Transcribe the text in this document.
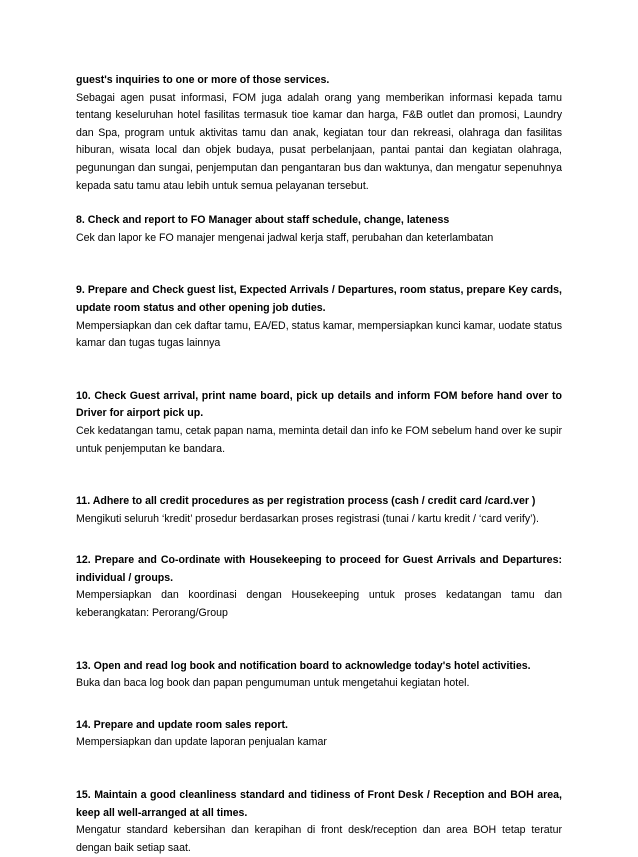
guest's inquiries to one or more of those services.
Sebagai agen pusat informasi, FOM juga adalah orang yang memberikan informasi kepada tamu tentang keseluruhan hotel fasilitas termasuk tioe kamar dan harga, F&B outlet dan promosi, Laundry dan Spa, program untuk aktivitas tamu dan anak, kegiatan tour dan rekreasi, olahraga dan fasilitas hiburan, wisata local dan objek budaya, pusat perbelanjaan, pantai pantai dan kegiatan olahraga, pegunungan dan sungai, penjemputan dan pengantaran bus dan waktunya, dan mengatur sepenuhnya kepada satu tamu atau lebih untuk semua pelayanan tersebut.
8. Check and report to FO Manager about staff schedule, change, lateness
Cek dan lapor ke FO manajer mengenai jadwal kerja staff, perubahan dan keterlambatan
9. Prepare and Check guest list, Expected Arrivals / Departures, room status, prepare Key cards, update room status and other opening job duties.
Mempersiapkan dan cek daftar tamu, EA/ED, status kamar, mempersiapkan kunci kamar, uodate status kamar dan tugas tugas lainnya
10. Check Guest arrival, print name board, pick up details and inform FOM before hand over to Driver for airport pick up.
Cek kedatangan tamu, cetak papan nama, meminta detail dan info ke FOM sebelum hand over ke supir untuk penjemputan ke bandara.
11. Adhere to all credit procedures as per registration process (cash / credit card /card.ver )
Mengikuti seluruh ‘kredit’ prosedur berdasarkan proses registrasi (tunai / kartu kredit / ‘card verify’).
12. Prepare and Co-ordinate with Housekeeping to proceed for Guest Arrivals and Departures: individual / groups.
Mempersiapkan dan koordinasi dengan Housekeeping untuk proses kedatangan tamu dan keberangkatan: Perorang/Group
13. Open and read log book and notification board to acknowledge today's hotel activities.
Buka dan baca log book dan papan pengumuman untuk mengetahui kegiatan hotel.
14. Prepare and update room sales report.
Mempersiapkan dan update laporan penjualan kamar
15. Maintain a good cleanliness standard and tidiness of Front Desk / Reception and BOH area, keep all well-arranged at all times.
Mengatur standard kebersihan dan kerapihan di front desk/reception dan area BOH tetap teratur dengan baik setiap saat.
